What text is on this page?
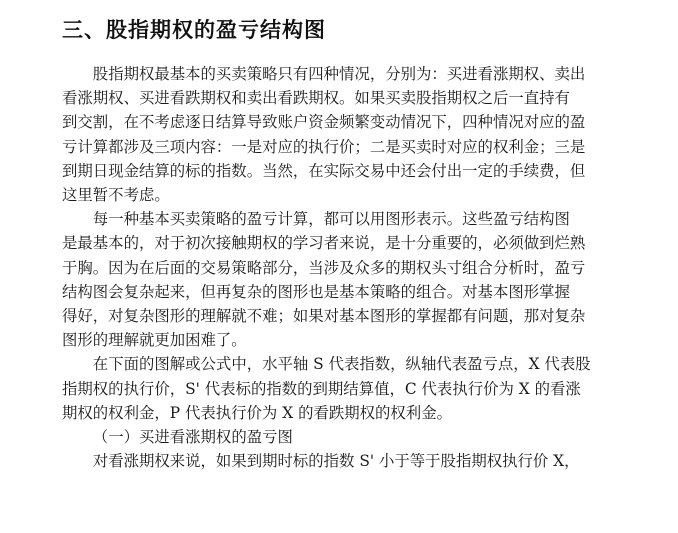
三、股指期权的盈亏结构图

股指期权最基本的买卖策略只有四种情况，分别为：买进看涨期权、卖出
看涨期权、买进看跌期权和卖出看跌期权。如果买卖股指期权之后一直持有
到交割，在不考虑逐日结算导致账户资金频繁变动情况下，四种情况对应的盈
亏计算都涉及三项内容：一是对应的执行价；二是买卖时对应的权利金；三是
到期日现金结算的标的指数。当然，在实际交易中还会付出一定的手续费，但
这里暂不考虑。

每一种基本买卖策略的盈亏计算，都可以用图形表示。这些盈亏结构图
是最基本的，对于初次接触期权的学习者来说，是十分重要的，必须做到烂熟
于胸。因为在后面的交易策略部分，当涉及众多的期权头寸组合分析时，盈亏
结构图会复杂起来，但再复杂的图形也是基本策略的组合。对基本图形掌握
得好，对复杂图形的理解就不难；如果对基本图形的掌握都有问题，那对复杂
图形的理解就更加困难了。

在下面的图解或公式中，水平轴 S 代表指数，纵轴代表盈亏点，X 代表股
指期权的执行价，S' 代表标的指数的到期结算值，C 代表执行价为 X 的看涨
期权的权利金，P 代表执行价为 X 的看跌期权的权利金。

（一）买进看涨期权的盈亏图

对看涨期权来说，如果到期时标的指数 S' 小于等于股指期权执行价 X，
